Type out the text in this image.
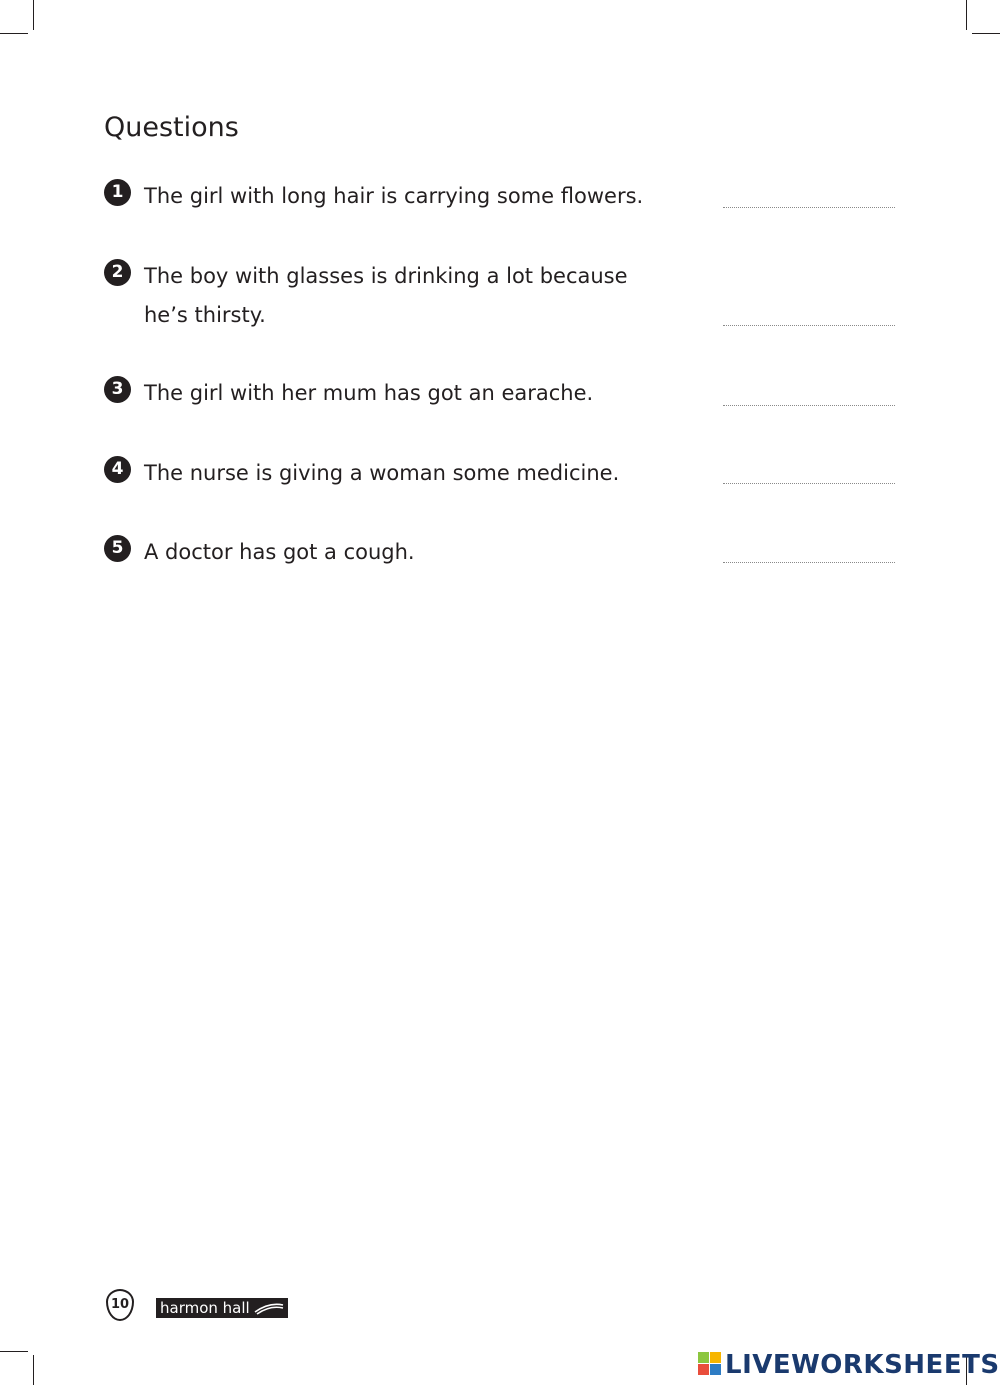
Questions
1 The girl with long hair is carrying some flowers.
2 The boy with glasses is drinking a lot because
he’s thirsty.
3 The girl with her mum has got an earache.
4 The nurse is giving a woman some medicine.
5 A doctor has got a cough.
10	harmon hall
LIVEWORKSHEETS
